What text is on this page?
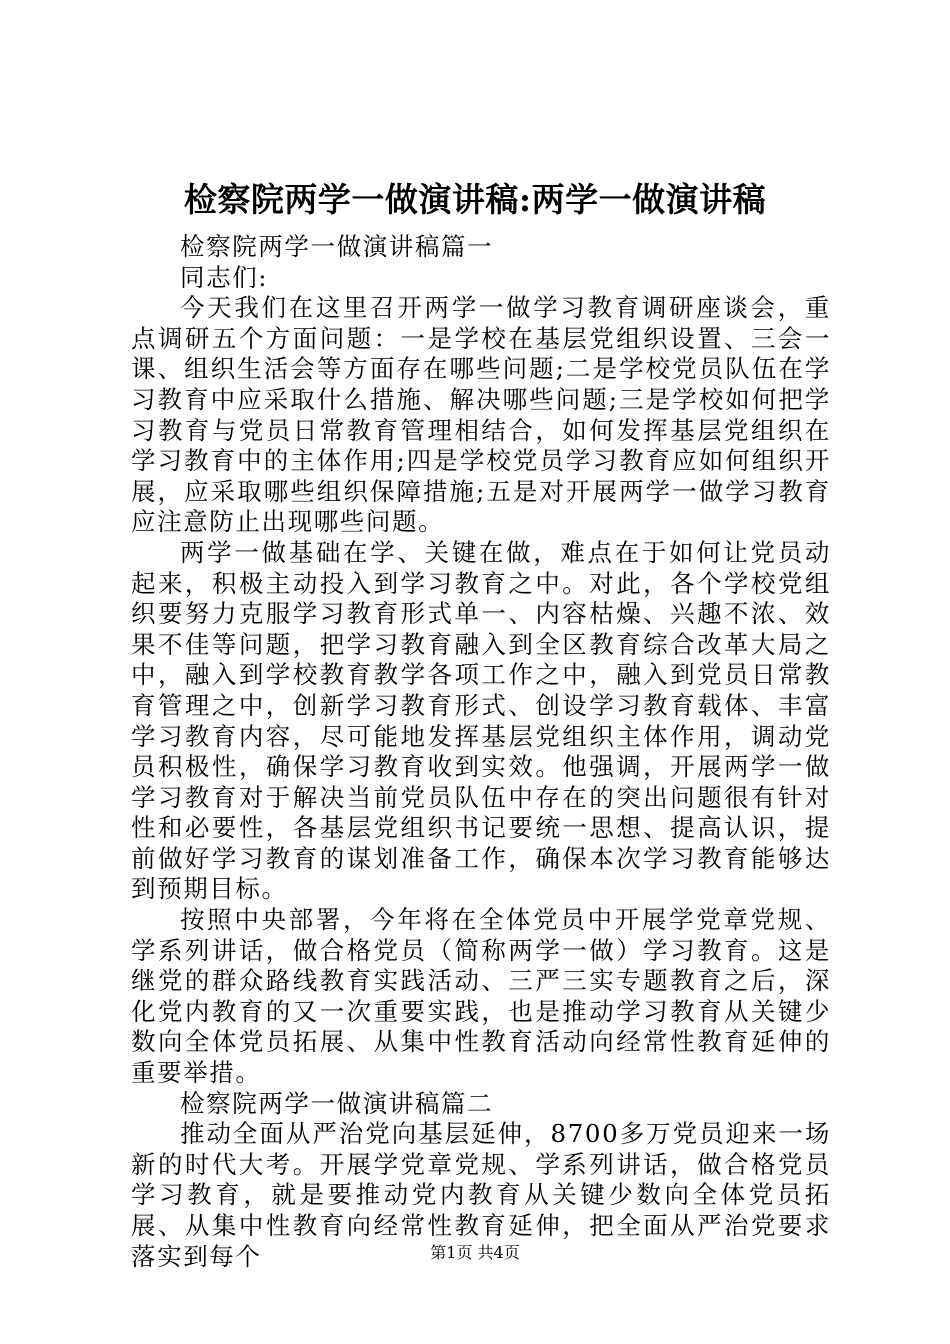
检察院两学一做演讲稿:两学一做演讲稿

检察院两学一做演讲稿篇一

同志们:

今天我们在这里召开两学一做学习教育调研座谈会，重点调研五个方面问题：一是学校在基层党组织设置、三会一课、组织生活会等方面存在哪些问题;二是学校党员队伍在学习教育中应采取什么措施、解决哪些问题;三是学校如何把学习教育与党员日常教育管理相结合，如何发挥基层党组织在学习教育中的主体作用;四是学校党员学习教育应如何组织开展，应采取哪些组织保障措施;五是对开展两学一做学习教育应注意防止出现哪些问题。

两学一做基础在学、关键在做，难点在于如何让党员动起来，积极主动投入到学习教育之中。对此，各个学校党组织要努力克服学习教育形式单一、内容枯燥、兴趣不浓、效果不佳等问题，把学习教育融入到全区教育综合改革大局之中，融入到学校教育教学各项工作之中，融入到党员日常教育管理之中，创新学习教育形式、创设学习教育载体、丰富学习教育内容，尽可能地发挥基层党组织主体作用，调动党员积极性，确保学习教育收到实效。他强调，开展两学一做学习教育对于解决当前党员队伍中存在的突出问题很有针对性和必要性，各基层党组织书记要统一思想、提高认识，提前做好学习教育的谋划准备工作，确保本次学习教育能够达到预期目标。

按照中央部署，今年将在全体党员中开展学党章党规、学系列讲话，做合格党员（简称两学一做）学习教育。这是继党的群众路线教育实践活动、三严三实专题教育之后，深化党内教育的又一次重要实践，也是推动学习教育从关键少数向全体党员拓展、从集中性教育活动向经常性教育延伸的重要举措。

检察院两学一做演讲稿篇二

推动全面从严治党向基层延伸，8700多万党员迎来一场新的时代大考。开展学党章党规、学系列讲话，做合格党员学习教育，就是要推动党内教育从关键少数向全体党员拓展、从集中性教育向经常性教育延伸，把全面从严治党要求落实到每个	第1页 共4页
